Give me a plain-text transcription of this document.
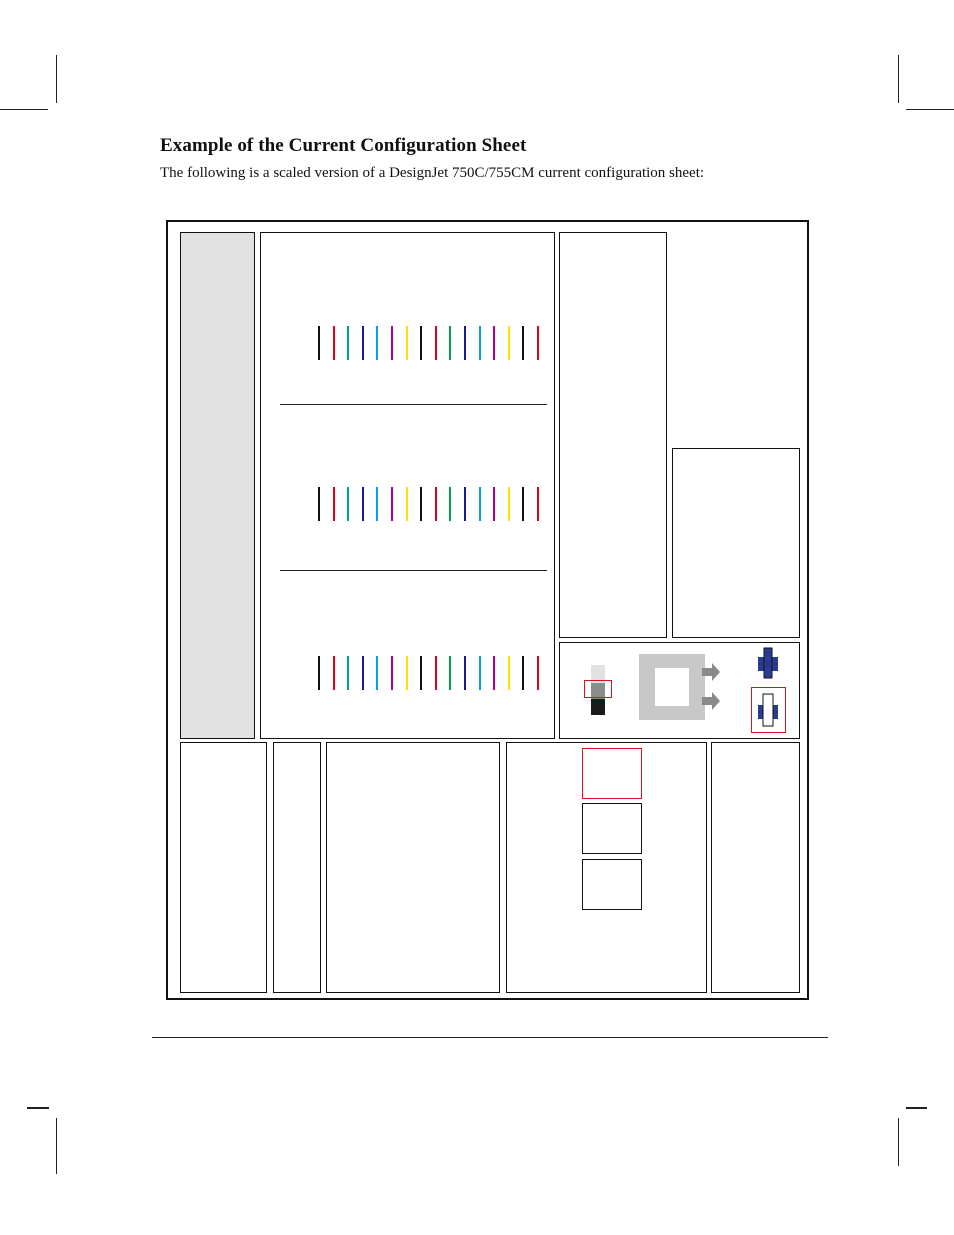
Example of the Current Configuration Sheet

The following is a scaled version of a DesignJet 750C/755CM current configuration sheet:
